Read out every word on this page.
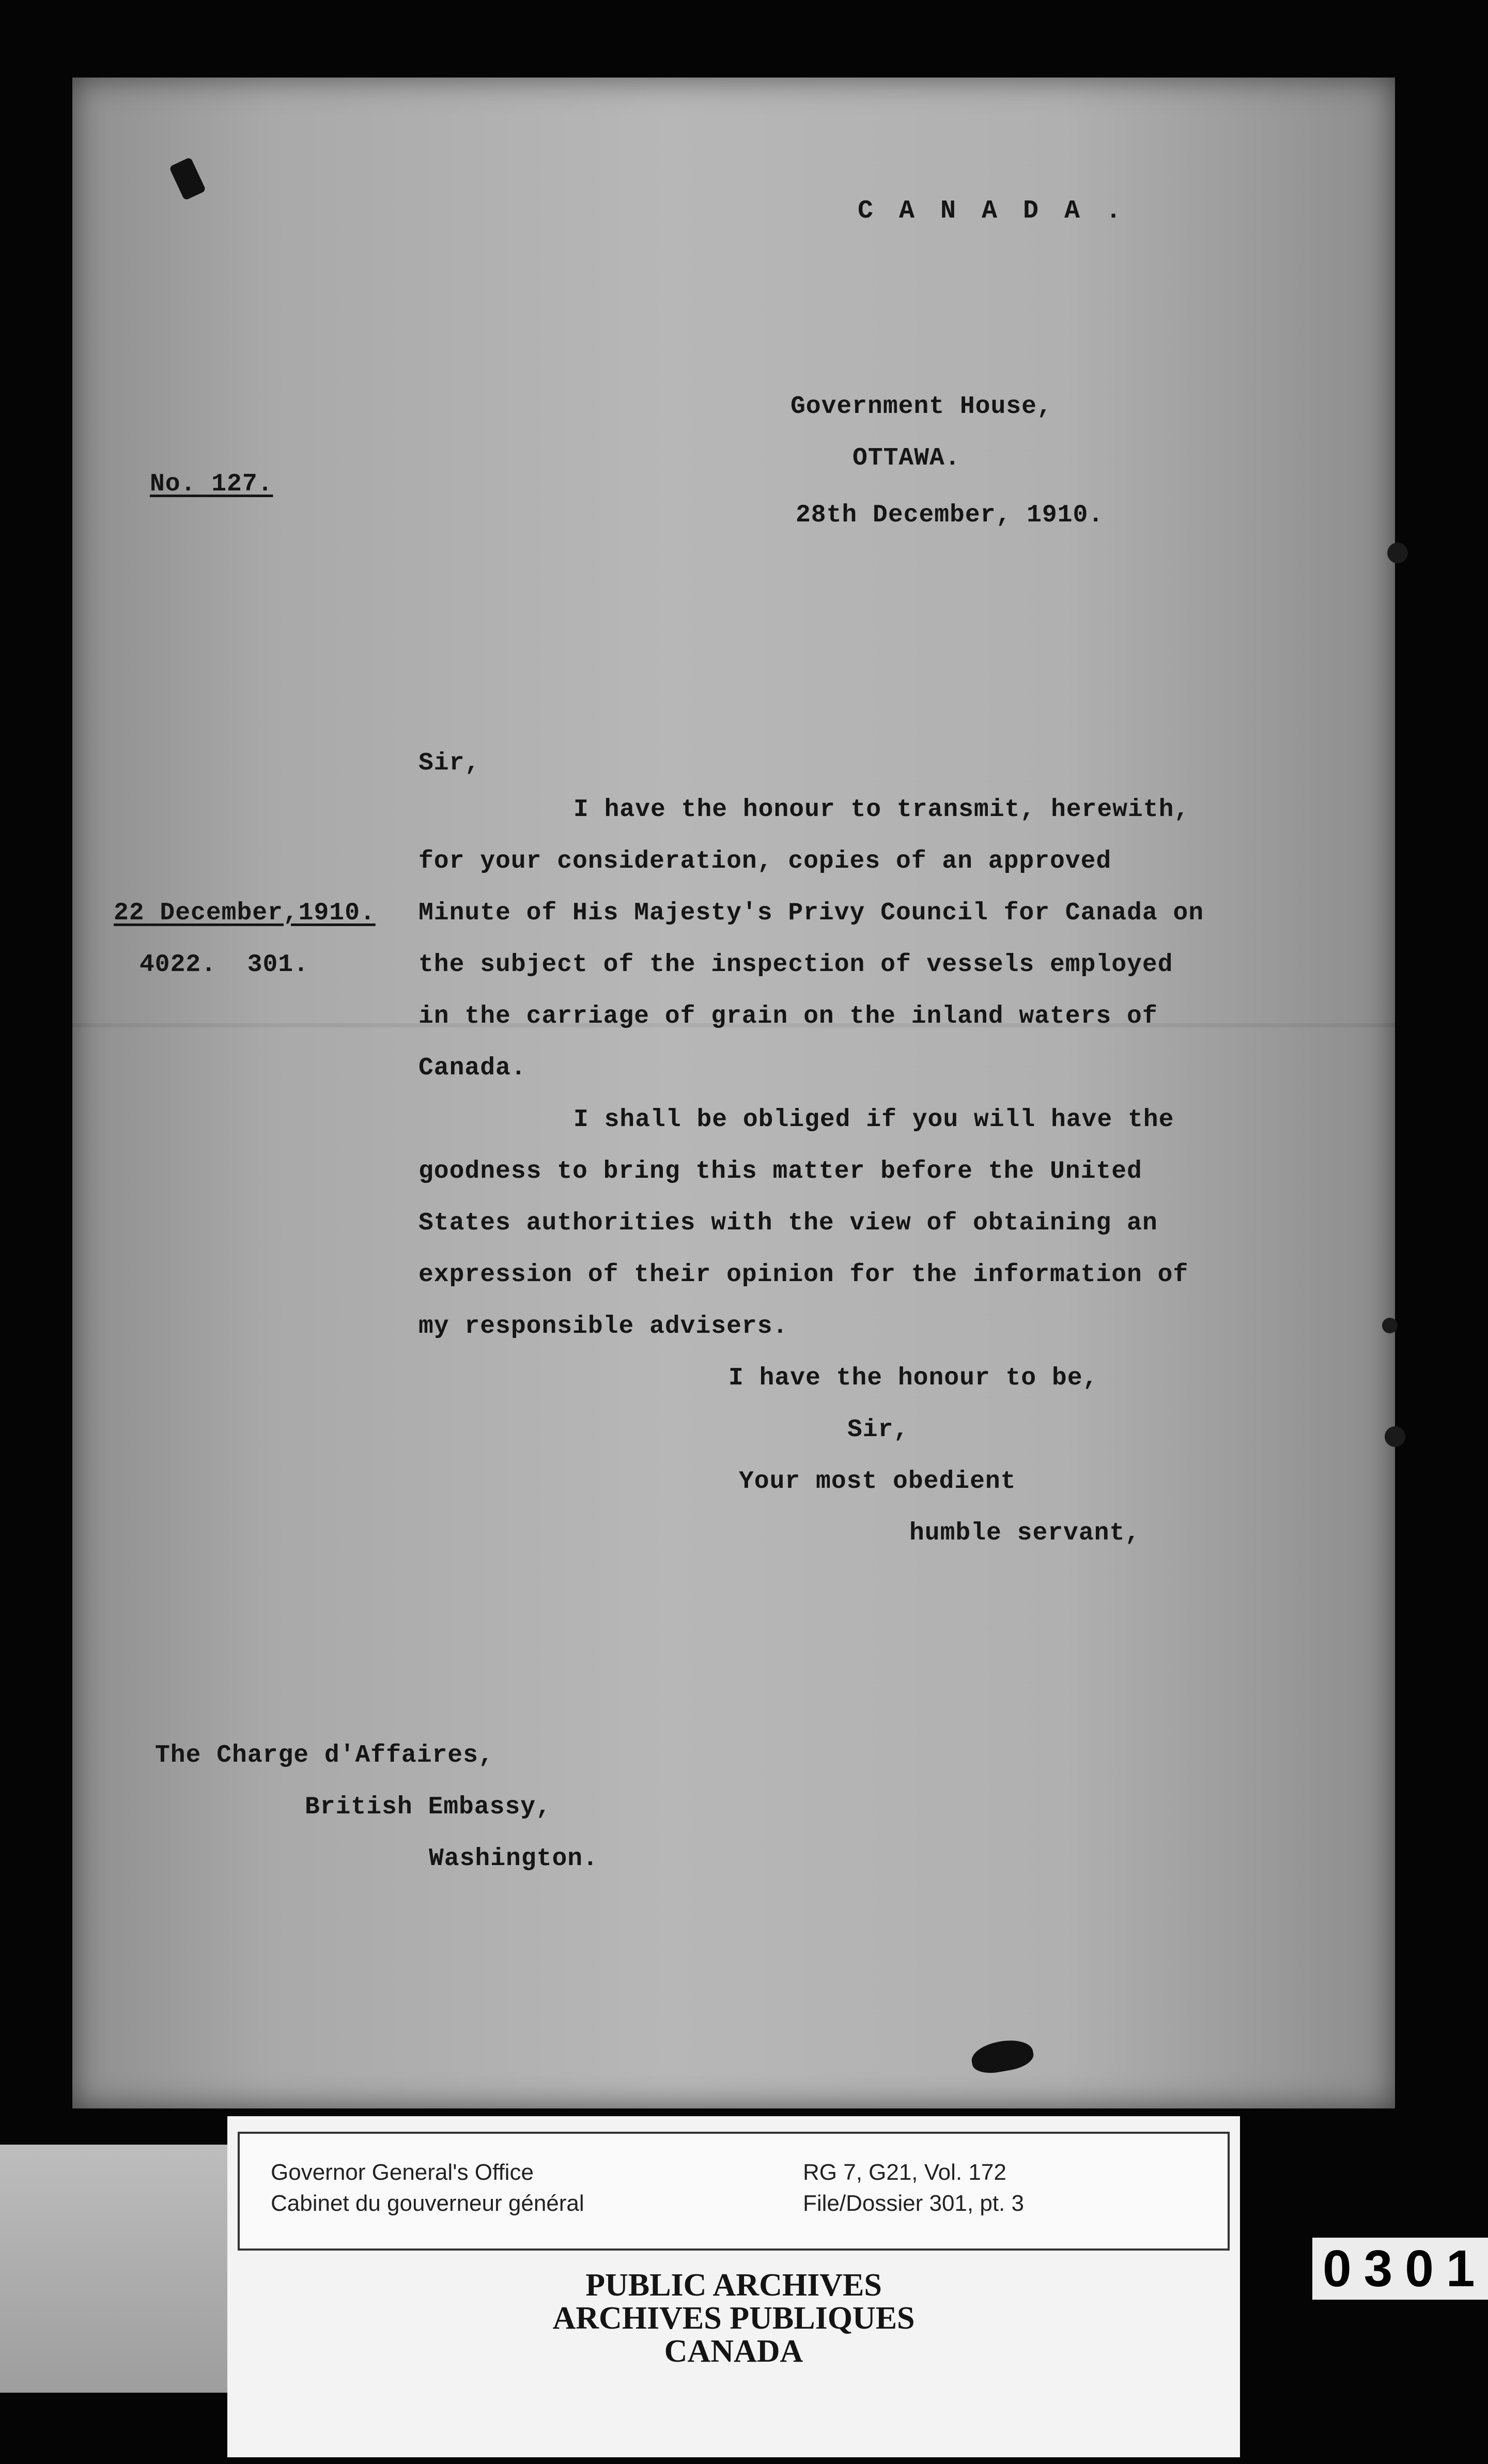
C A N A D A .
Government House,
OTTAWA.
28th December, 1910.
No. 127.
Sir,
I have the honour to transmit, herewith,
for your consideration, copies of an approved
Minute of His Majesty's Privy Council for Canada on
the subject of the inspection of vessels employed
in the carriage of grain on the inland waters of
Canada.
I shall be obliged if you will have the
goodness to bring this matter before the United
States authorities with the view of obtaining an
expression of their opinion for the information of
my responsible advisers.
22 December,1910.
4022.  301.
I have the honour to be,
Sir,
Your most obedient
humble servant,
The Charge d'Affaires,
British Embassy,
Washington.
Governor General's Office
Cabinet du gouverneur général
RG 7, G21, Vol. 172
File/Dossier 301, pt. 3
PUBLIC ARCHIVES
ARCHIVES PUBLIQUES
CANADA
0301
